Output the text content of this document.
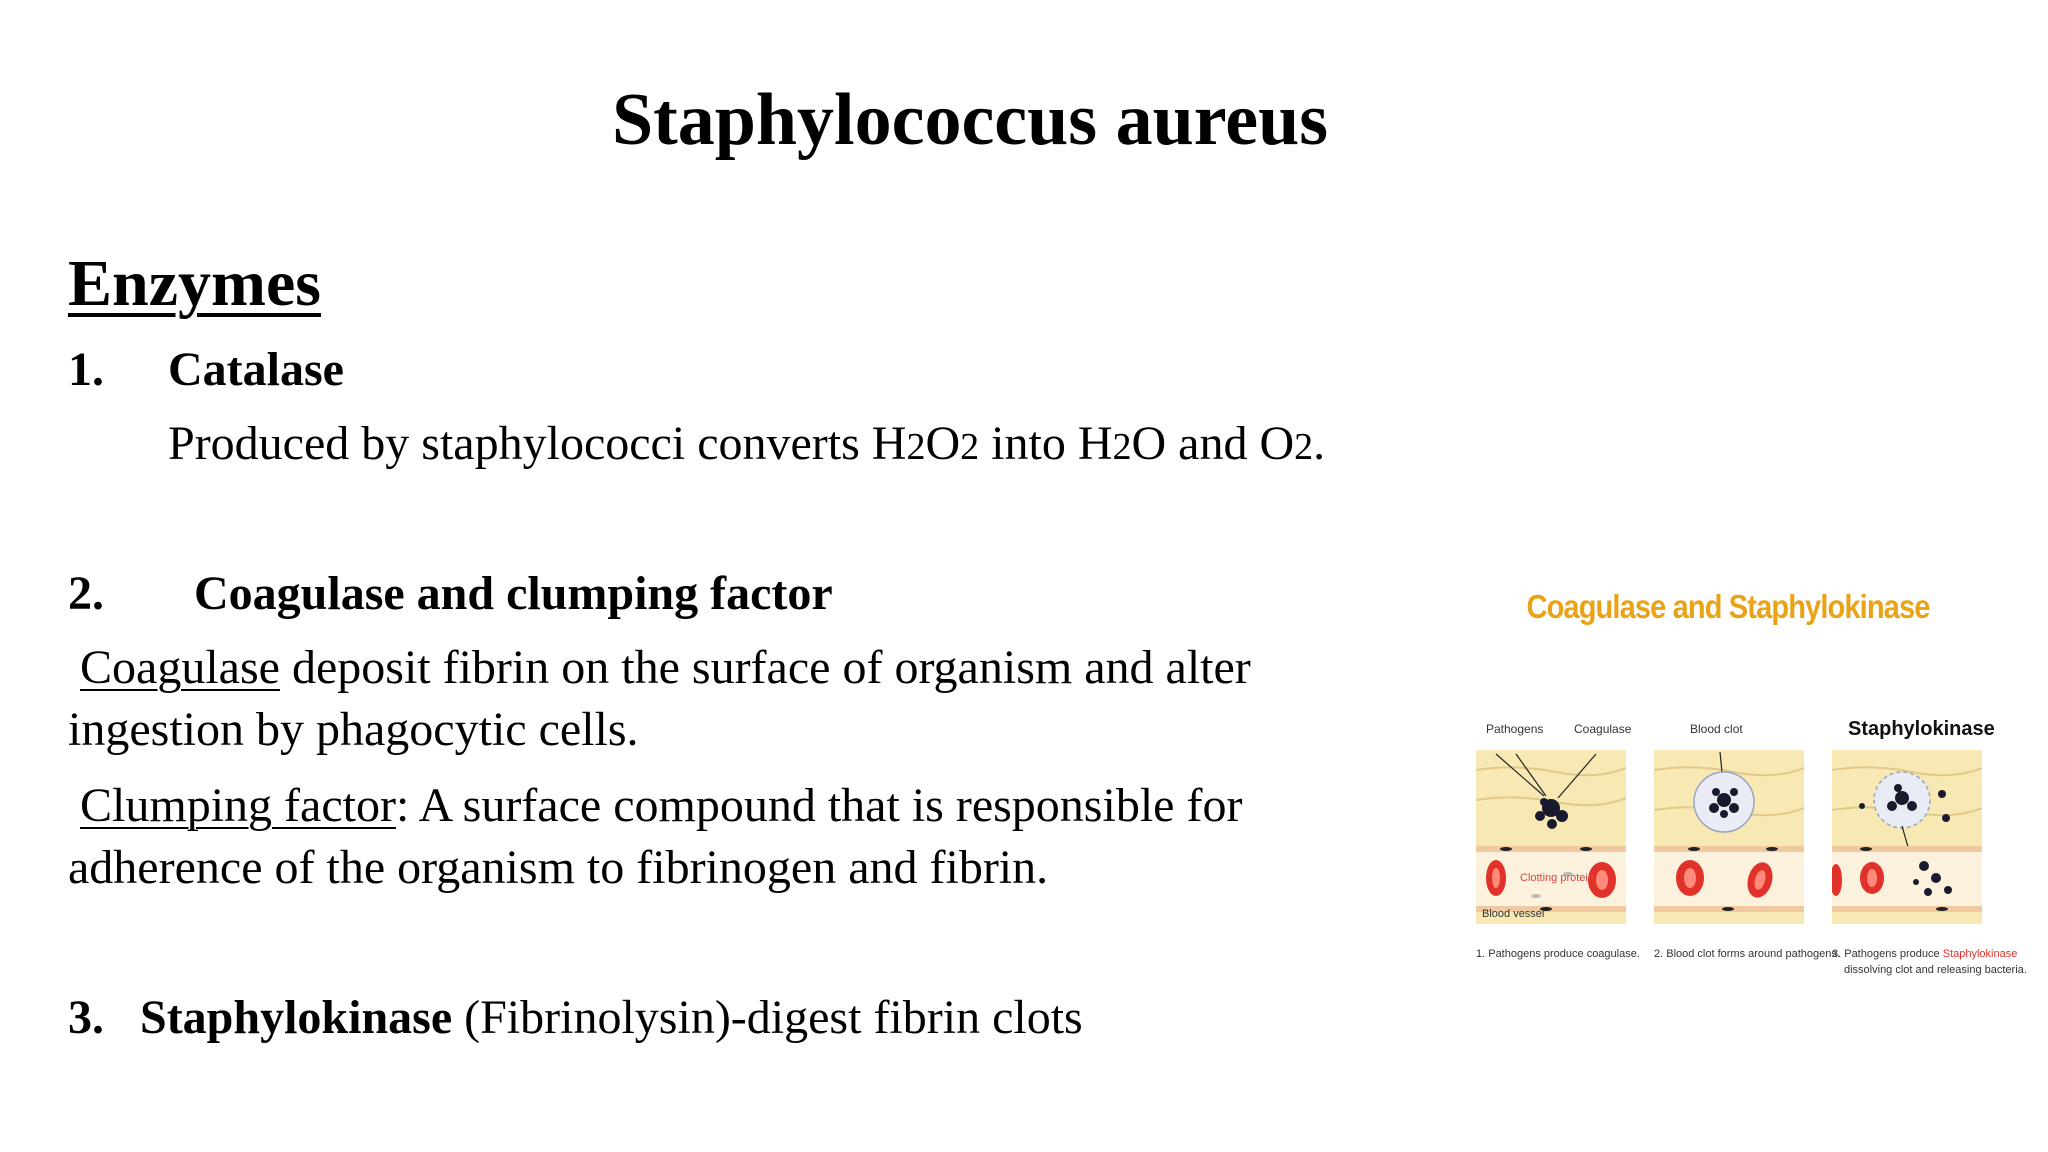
Staphylococcus aureus
Enzymes
1. Catalase
Produced by staphylococci converts H2O2 into H2O and O2.
2. Coagulase and clumping factor
Coagulase deposit fibrin on the surface of organism and alter
ingestion by phagocytic cells.
Clumping factor: A surface compound that is responsible for
adherence of the organism to fibrinogen and fibrin.
3. Staphylokinase (Fibrinolysin)-digest fibrin clots
Coagulase and Staphylokinase
Pathogens	Coagulase	Blood clot	Staphylokinase
Clotting protein
Blood vessel
1. Pathogens produce coagulase. 2. Blood clot forms around pathogens.
3. Pathogens produce Staphylokinase
dissolving clot and releasing bacteria.
